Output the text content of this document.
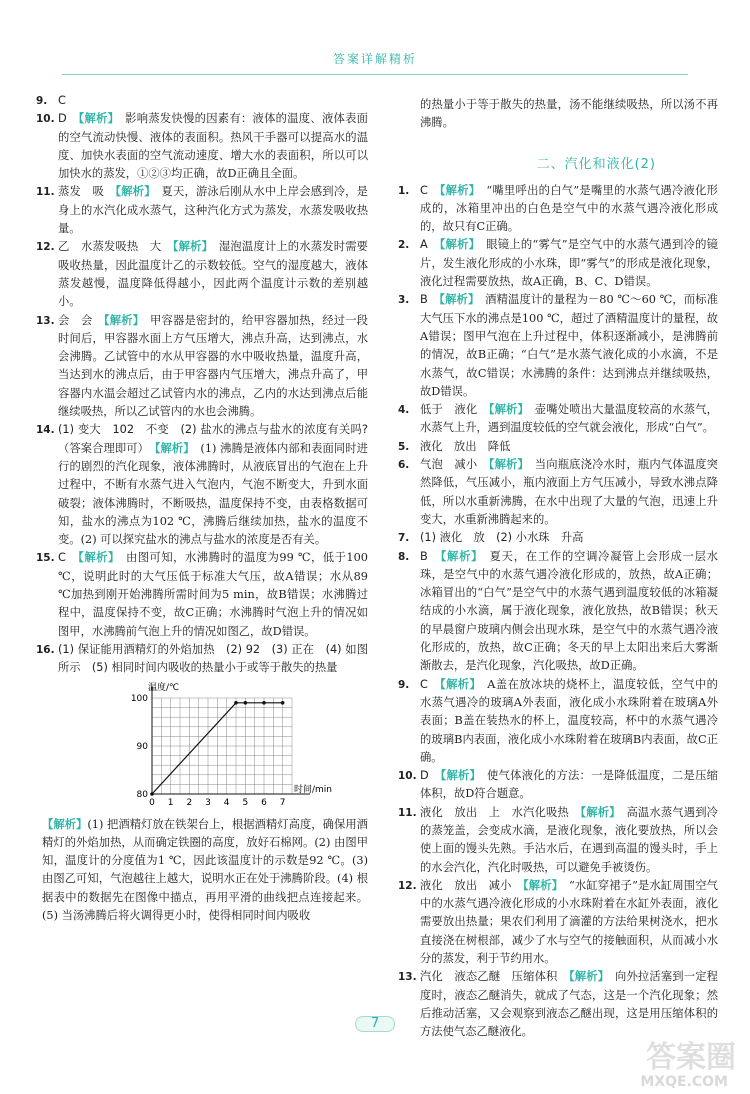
答案详解精析
9. C
10. D　 【解析】　 影响蒸发快慢的因素有：液体的温度、液体表面的空气流动快慢、液体的表面积。热风干手器可以提高水的温度、加快水表面的空气流动速度、增大水的表面积，所以可以加快水的蒸发，①②③均正确，故D正确且全面。
11. 蒸发　吸　 【解析】　 夏天，游泳后刚从水中上岸会感到冷，是身上的水汽化成水蒸气，这种汽化方式为蒸发，水蒸发吸收热量。
12. 乙　水蒸发吸热　大　 【解析】　 湿泡温度计上的水蒸发时需要吸收热量，因此温度计乙的示数较低。空气的湿度越大，液体蒸发越慢，温度降低得越小，因此两个温度计示数的差别越小。
13. 会　会　 【解析】　 甲容器是密封的，给甲容器加热，经过一段时间后，甲容器水面上方气压增大，沸点升高，达到沸点，水会沸腾。乙试管中的水从甲容器的水中吸收热量，温度升高，当达到水的沸点后，由于甲容器内气压增大，沸点升高了，甲容器内水温会超过乙试管内水的沸点，乙内的水达到沸点后能继续吸热，所以乙试管内的水也会沸腾。
14. (1) 变大　102　不变　(2) 盐水的沸点与盐水的浓度有关吗?（答案合理即可）　 【解析】　 (1) 沸腾是液体内部和表面同时进行的剧烈的汽化现象，液体沸腾时，从液底冒出的气泡在上升过程中，不断有水蒸气进入气泡内，气泡不断变大，升到水面破裂；液体沸腾时，不断吸热，温度保持不变，由表格数据可知，盐水的沸点为102 ℃，沸腾后继续加热，盐水的温度不变。(2) 可以探究盐水的沸点与盐水的浓度是否有关。
15. C　 【解析】　 由图可知，水沸腾时的温度为99 ℃，低于100 ℃，说明此时的大气压低于标准大气压，故A错误；水从89 ℃加热到刚开始沸腾所需时间为5 min，故B错误；水沸腾过程中，温度保持不变，故C正确；水沸腾时气泡上升的情况如图甲，水沸腾前气泡上升的情况如图乙，故D错误。
16. (1) 保证能用酒精灯的外焰加热　(2) 92　(3) 正在　(4) 如图所示　(5) 相同时间内吸收的热量小于或等于散失的热量
0 1 2 3 4 5 6 7
80
90
100
时间/min
温度/℃
【解析】(1) 把酒精灯放在铁架台上，根据酒精灯高度，确保用酒精灯的外焰加热，从而确定铁圈的高度，放好石棉网。(2) 由图甲知，温度计的分度值为1 ℃，因此该温度计的示数是92 ℃。(3) 由图乙可知，气泡越往上越大，说明水正在处于沸腾阶段。(4) 根据表中的数据先在图像中描点，再用平滑的曲线把点连接起来。(5) 当汤沸腾后将火调得更小时，使得相同时间内吸收
的热量小于等于散失的热量，汤不能继续吸热，所以汤不再沸腾。
二、汽化和液化(2)
1. C　 【解析】　 “嘴里呼出的白气”是嘴里的水蒸气遇冷液化形成的，冰箱里冲出的白色是空气中的水蒸气遇冷液化形成的，故只有C正确。
2. A　 【解析】　 眼镜上的“雾气”是空气中的水蒸气遇到冷的镜片，发生液化形成的小水珠，即“雾气”的形成是液化现象，液化过程需要放热，故A正确，B、C、D错误。
3. B　 【解析】　 酒精温度计的量程为－80 ℃～60 ℃，而标准大气压下水的沸点是100 ℃，超过了酒精温度计的量程，故A错误；图甲气泡在上升过程中，体积逐渐减小，是沸腾前的情况，故B正确；“白气”是水蒸气液化成的小水滴，不是水蒸气，故C错误；水沸腾的条件：达到沸点并继续吸热，故D错误。
4. 低于　液化　 【解析】　 壶嘴处喷出大量温度较高的水蒸气，水蒸气上升，遇到温度较低的空气就会液化，形成“白气”。
5. 液化　放出　降低
6. 气泡　减小　 【解析】　 当向瓶底浇冷水时，瓶内气体温度突然降低，气压减小，瓶内液面上方气压减小，导致水沸点降低，所以水重新沸腾，在水中出现了大量的气泡，迅速上升变大，水重新沸腾起来的。
7. (1) 液化　放　(2) 小水珠　升高
8. B　 【解析】　 夏天，在工作的空调冷凝管上会形成一层水珠，是空气中的水蒸气遇冷液化形成的，放热，故A正确；冰箱冒出的“白气”是空气中的水蒸气遇到温度较低的冰箱凝结成的小水滴，属于液化现象，液化放热，故B错误；秋天的早晨窗户玻璃内侧会出现水珠，是空气中的水蒸气遇冷液化形成的，放热，故C正确；冬天的早上太阳出来后大雾渐渐散去，是汽化现象，汽化吸热，故D正确。
9. C　 【解析】　 A盖在放冰块的烧杯上，温度较低，空气中的水蒸气遇冷的玻璃A外表面，液化成小水珠附着在玻璃A外表面；B盖在装热水的杯上，温度较高，杯中的水蒸气遇冷的玻璃B内表面，液化成小水珠附着在玻璃B内表面，故C正确。
10. D　 【解析】　 使气体液化的方法：一是降低温度，二是压缩体积，故D符合题意。
11. 液化　放出　上　水汽化吸热　 【解析】　 高温水蒸气遇到冷的蒸笼盖，会变成水滴，是液化现象，液化要放热，所以会使上面的馒头先熟。手沾水后，在遇到高温的馒头时，手上的水会汽化，汽化时吸热，可以避免手被烫伤。
12. 液化　放出　减小　 【解析】　 “水缸穿裙子”是水缸周围空气中的水蒸气遇冷液化形成的小水珠附着在水缸外表面，液化需要放出热量；果农们利用了滴灌的方法给果树浇水，把水直接浇在树根部，减少了水与空气的接触面积，从而减小水分的蒸发，利于节约用水。
13. 汽化　液态乙醚　压缩体积　 【解析】　 向外拉活塞到一定程度时，液态乙醚消失，就成了气态，这是一个汽化现象；然后推动活塞，又会观察到液态乙醚出现，这是用压缩体积的方法使气态乙醚液化。
7
答案圈
MXQE.COM
